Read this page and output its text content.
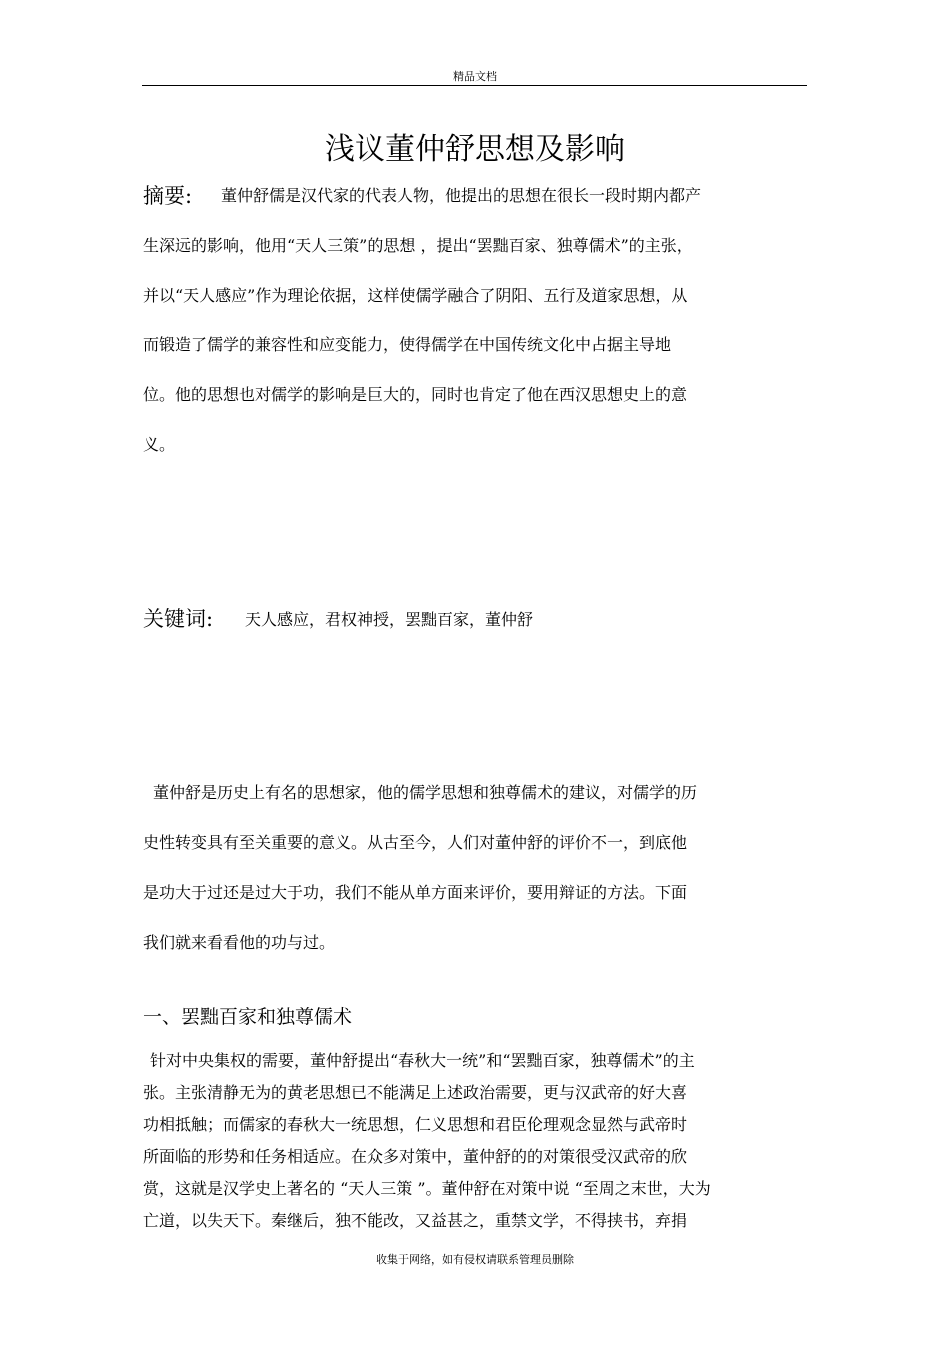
精品文档
浅议董仲舒思想及影响
摘要: 董仲舒儒是汉代家的代表人物，他提出的思想在很长一段时期内都产
生深远的影响，他用“天人三策”的思想 ，提出“罢黜百家、独尊儒术”的主张，
并以“天人感应”作为理论依据，这样使儒学融合了阴阳、五行及道家思想，从
而锻造了儒学的兼容性和应变能力，使得儒学在中国传统文化中占据主导地
位。他的思想也对儒学的影响是巨大的，同时也肯定了他在西汉思想史上的意
义。
关键词: 天人感应，君权神授，罢黜百家，董仲舒
董仲舒是历史上有名的思想家，他的儒学思想和独尊儒术的建议，对儒学的历
史性转变具有至关重要的意义。从古至今，人们对董仲舒的评价不一，到底他
是功大于过还是过大于功，我们不能从单方面来评价，要用辩证的方法。下面
我们就来看看他的功与过。
一、罢黜百家和独尊儒术
针对中央集权的需要，董仲舒提出“春秋大一统”和“罢黜百家，独尊儒术”的主
张。主张清静无为的黄老思想已不能满足上述政治需要，更与汉武帝的好大喜
功相抵触；而儒家的春秋大一统思想，仁义思想和君臣伦理观念显然与武帝时
所面临的形势和任务相适应。在众多对策中，董仲舒的的对策很受汉武帝的欣
赏，这就是汉学史上著名的 “天人三策 ”。董仲舒在对策中说 “至周之末世，大为
亡道，以失天下。秦继后，独不能改，又益甚之，重禁文学，不得挟书，弃捐
收集于网络，如有侵权请联系管理员删除
